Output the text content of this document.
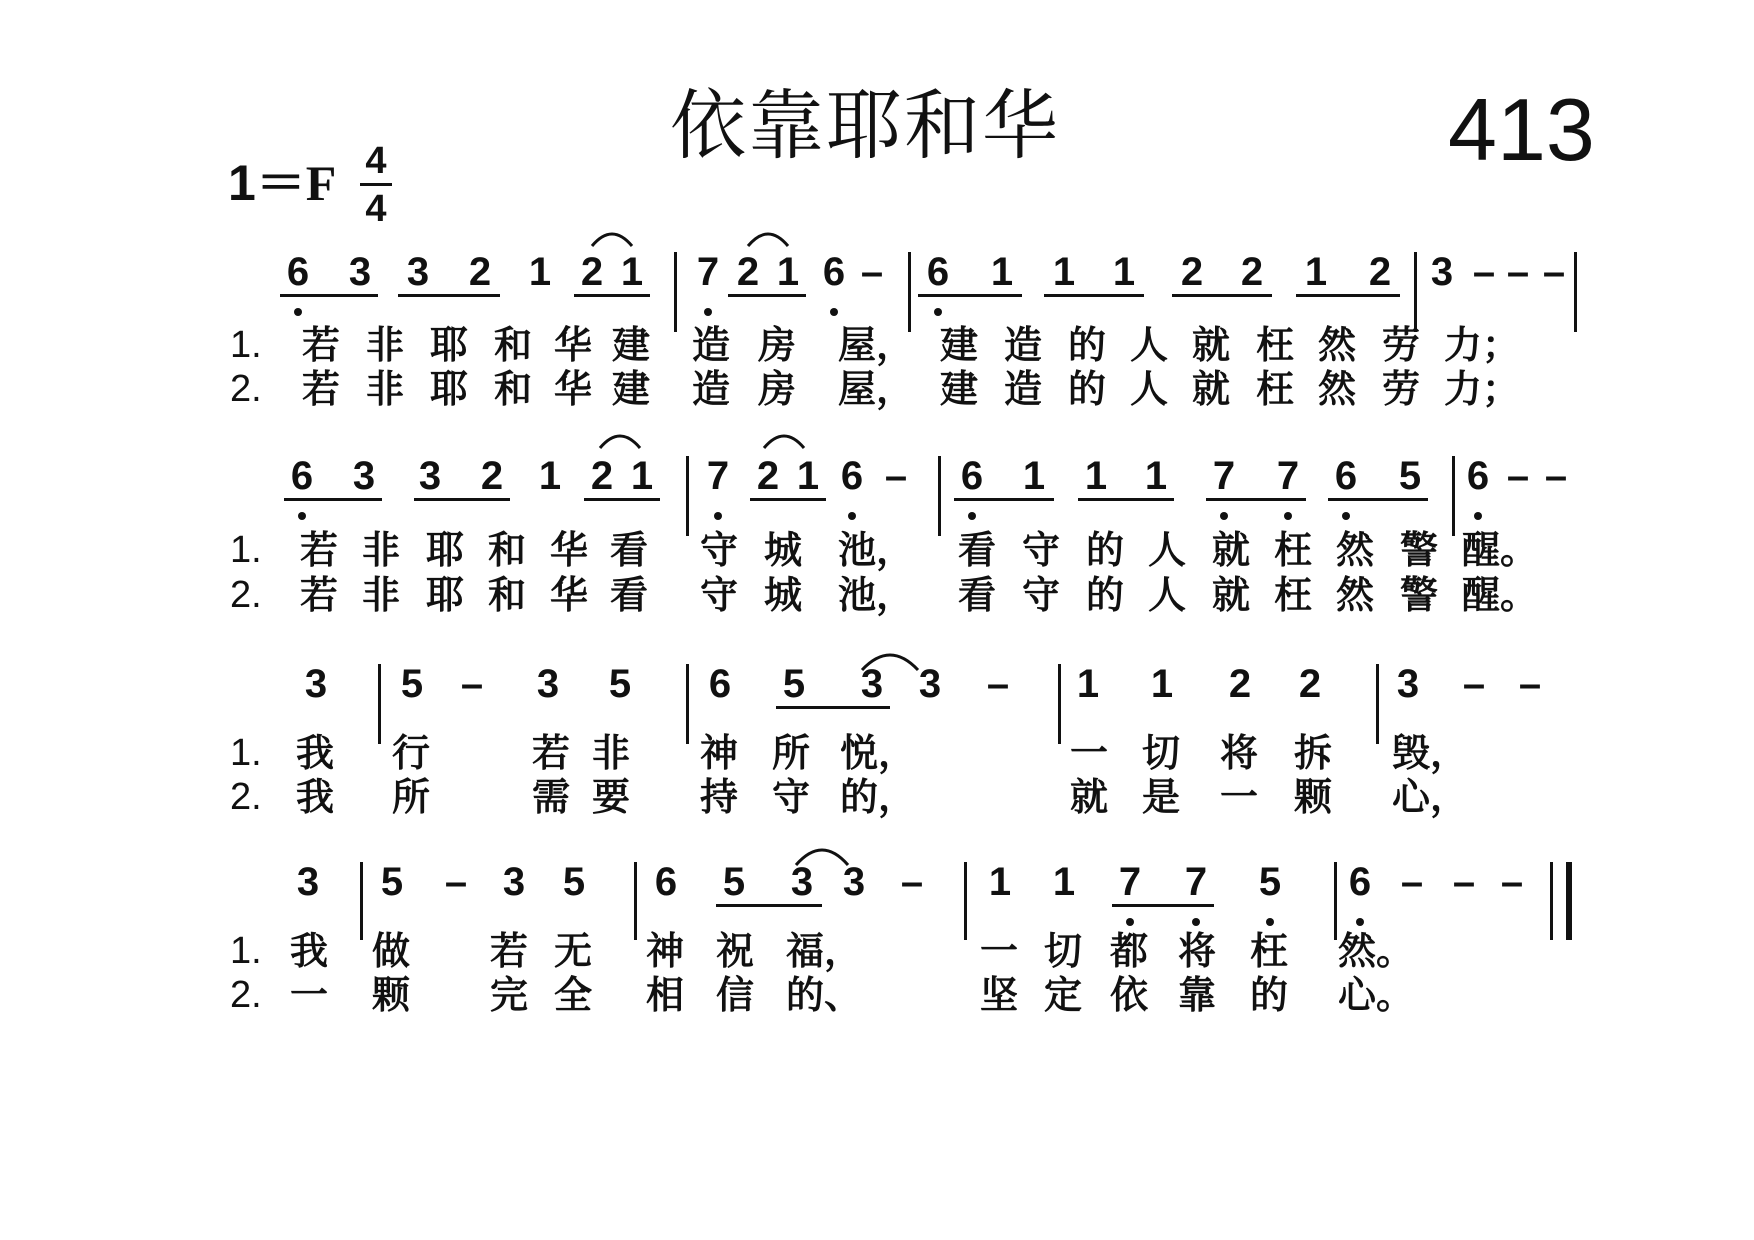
依靠耶和华	413
1＝F 4
4
6 3 3 2 1 2 1 7 2 1 6 – 6 1 1 1 2 2 1 2 3 – – –
6 3 3 2 1 2 1 7 2 1 6 – 6 1 1 1 7 7 6 5 6 – –
3 5 – 3 5 6 5 3 3 – 1 1 2 2 3 – –
3 5 – 3 5 6 5 3 3 – 1 1 7 7 5 6 – – –
1. 若 非 耶 和 华 建 造 房 屋， 建 造 的 人 就 枉 然 劳 力；
2. 若 非 耶 和 华 建 造 房 屋， 建 造 的 人 就 枉 然 劳 力；
1. 若 非 耶 和 华 看 守 城 池， 看 守 的 人 就 枉 然 警 醒。
2. 若 非 耶 和 华 看 守 城 池， 看 守 的 人 就 枉 然 警 醒。
1. 我 行	若 非 神 所 悦，	一 切 将 拆 毁，
2. 我 所	需 要 持 守 的，	就 是 一 颗 心，
1. 我 做 若 无 神 祝 福，	一 切 都 将 枉 然。
2. 一 颗 完 全 相 信 的、	坚 定 依 靠 的 心。
